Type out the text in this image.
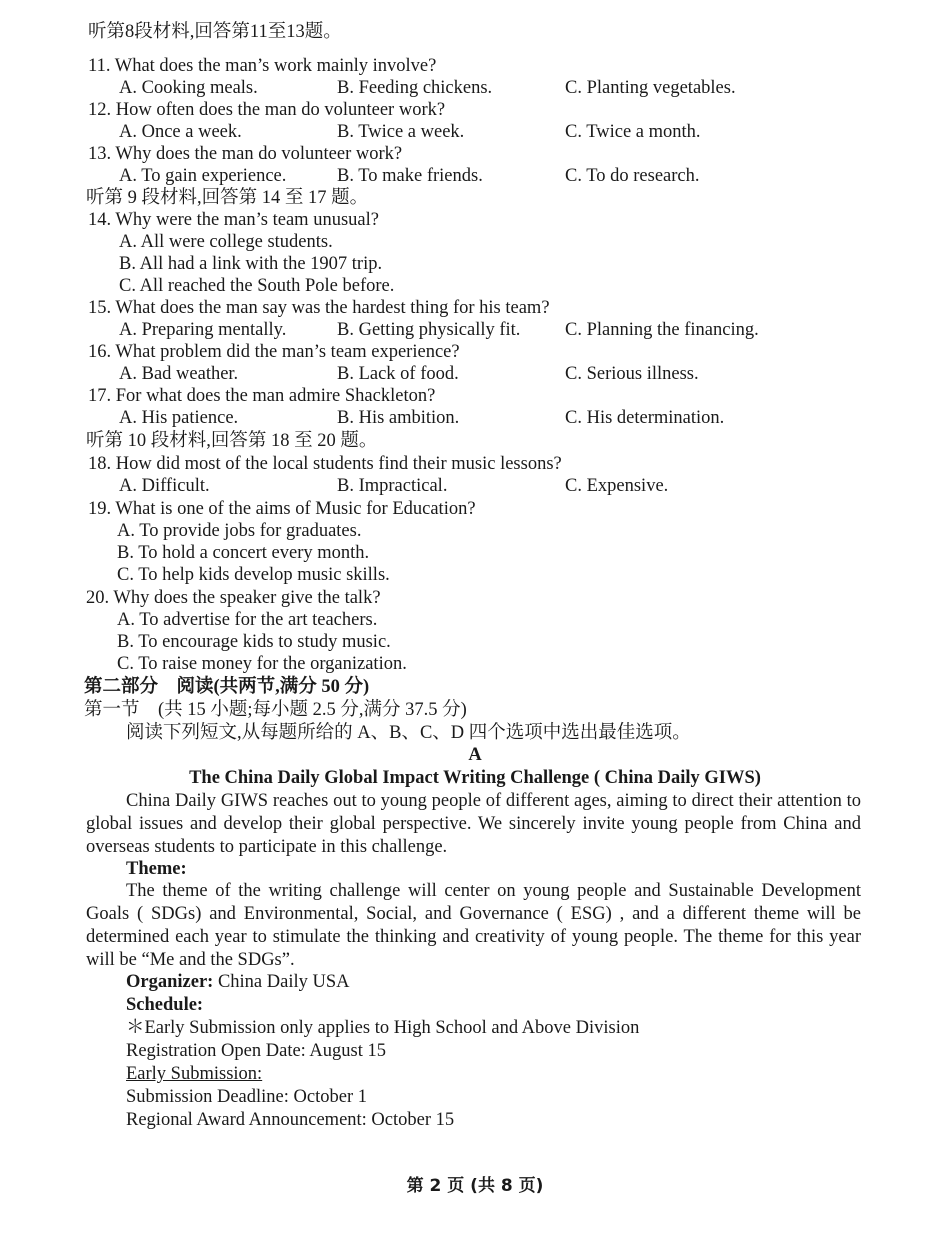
听第8段材料,回答第11至13题。
11. What does the man’s work mainly involve?
A. Cooking meals.	B. Feeding chickens.	C. Planting vegetables.
12. How often does the man do volunteer work?
A. Once a week.	B. Twice a week.	C. Twice a month.
13. Why does the man do volunteer work?
A. To gain experience.	B. To make friends.	C. To do research.
听第 9 段材料,回答第 14 至 17 题。
14. Why were the man’s team unusual?
A. All were college students.
B. All had a link with the 1907 trip.
C. All reached the South Pole before.
15. What does the man say was the hardest thing for his team?
A. Preparing mentally.	B. Getting physically fit. C. Planning the financing.
16. What problem did the man’s team experience?
A. Bad weather.	B. Lack of food.	C. Serious illness.
17. For what does the man admire Shackleton?
A. His patience.	B. His ambition.	C. His determination.
听第 10 段材料,回答第 18 至 20 题。
18. How did most of the local students find their music lessons?
A. Difficult.	B. Impractical.	C. Expensive.
19. What is one of the aims of Music for Education?
A. To provide jobs for graduates.
B. To hold a concert every month.
C. To help kids develop music skills.
20. Why does the speaker give the talk?
A. To advertise for the art teachers.
B. To encourage kids to study music.
C. To raise money for the organization.
第二部分　阅读(共两节,满分 50 分)
第一节　(共 15 小题;每小题 2.5 分,满分 37.5 分)
阅读下列短文,从每题所给的 A、B、C、D 四个选项中选出最佳选项。
A
The China Daily Global Impact Writing Challenge ( China Daily GIWS)
China Daily GIWS reaches out to young people of different ages, aiming to direct their attention to global issues and develop their global perspective. We sincerely invite young people from China and overseas students to participate in this challenge.
Theme:
The theme of the writing challenge will center on young people and Sustainable Development Goals ( SDGs) and Environmental, Social, and Governance ( ESG) , and a different theme will be determined each year to stimulate the thinking and creativity of young people. The theme for this year will be “Me and the SDGs”.
Organizer: China Daily USA
Schedule:
＊Early Submission only applies to High School and Above Division
Registration Open Date: August 15
Early Submission:
Submission Deadline: October 1
Regional Award Announcement: October 15
第 2 页 (共 8 页)
